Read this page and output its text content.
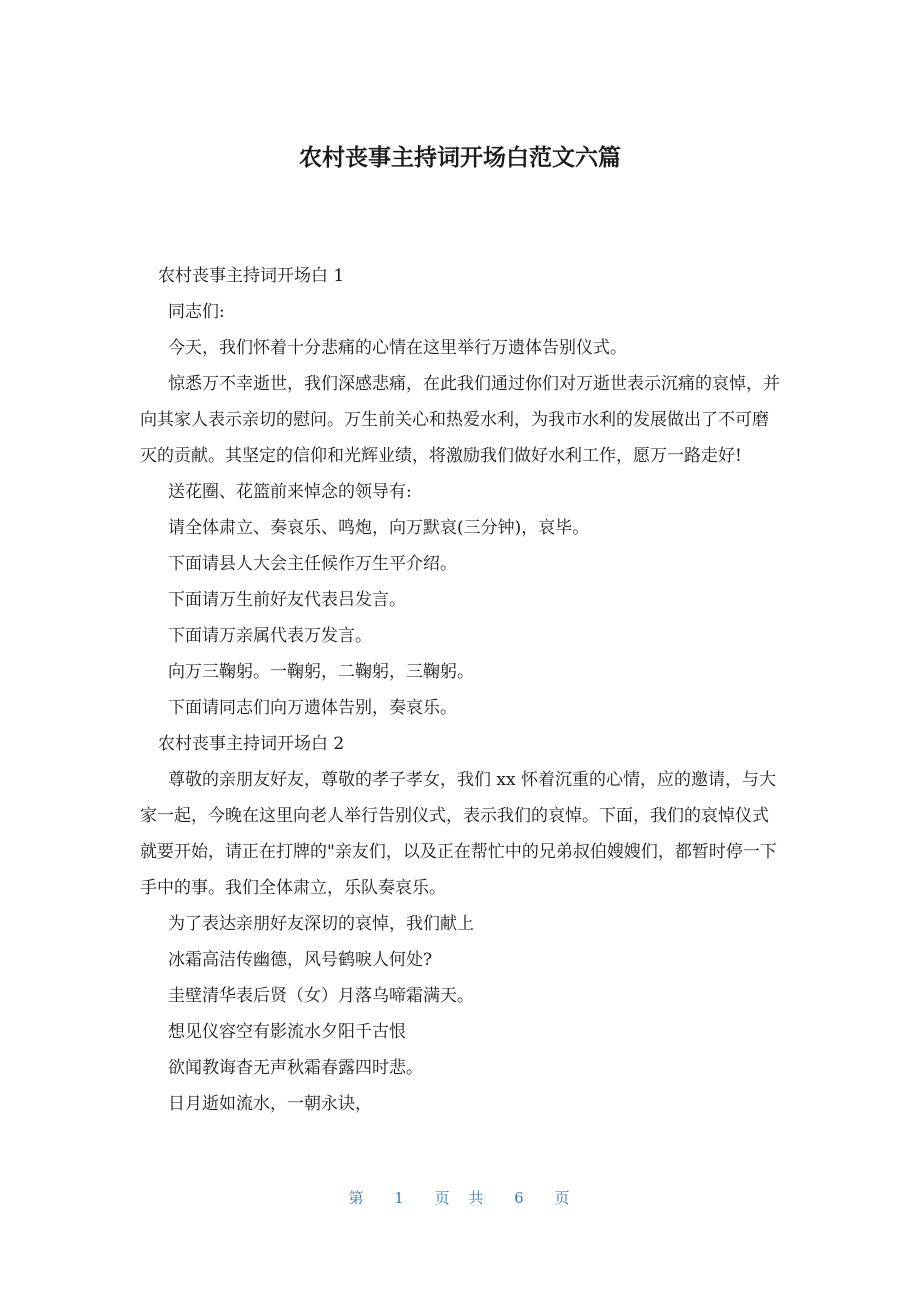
农村丧事主持词开场白范文六篇

农村丧事主持词开场白 1

同志们:

今天，我们怀着十分悲痛的心情在这里举行万遗体告别仪式。

惊悉万不幸逝世，我们深感悲痛，在此我们通过你们对万逝世表示沉痛的哀悼，并向其家人表示亲切的慰问。万生前关心和热爱水利，为我市水利的发展做出了不可磨灭的贡献。其坚定的信仰和光辉业绩，将激励我们做好水利工作，愿万一路走好!

送花圈、花篮前来悼念的领导有:

请全体肃立、奏哀乐、鸣炮，向万默哀(三分钟)，哀毕。

下面请县人大会主任候作万生平介绍。

下面请万生前好友代表吕发言。

下面请万亲属代表万发言。

向万三鞠躬。一鞠躬，二鞠躬，三鞠躬。

下面请同志们向万遗体告别，奏哀乐。

农村丧事主持词开场白 2

尊敬的亲朋友好友，尊敬的孝子孝女，我们 xx 怀着沉重的心情，应的邀请，与大家一起，今晚在这里向老人举行告别仪式，表示我们的哀悼。下面，我们的哀悼仪式就要开始，请正在打牌的"亲友们，以及正在帮忙中的兄弟叔伯嫂嫂们，都暂时停一下手中的事。我们全体肃立，乐队奏哀乐。

为了表达亲朋好友深切的哀悼，我们献上

冰霜高洁传幽德，风号鹤唳人何处?

圭壁清华表后贤（女）月落乌啼霜满天。

想见仪容空有影流水夕阳千古恨

欲闻教诲杳无声秋霜春露四时悲。

日月逝如流水，一朝永诀，

第 1 页 共 6 页
